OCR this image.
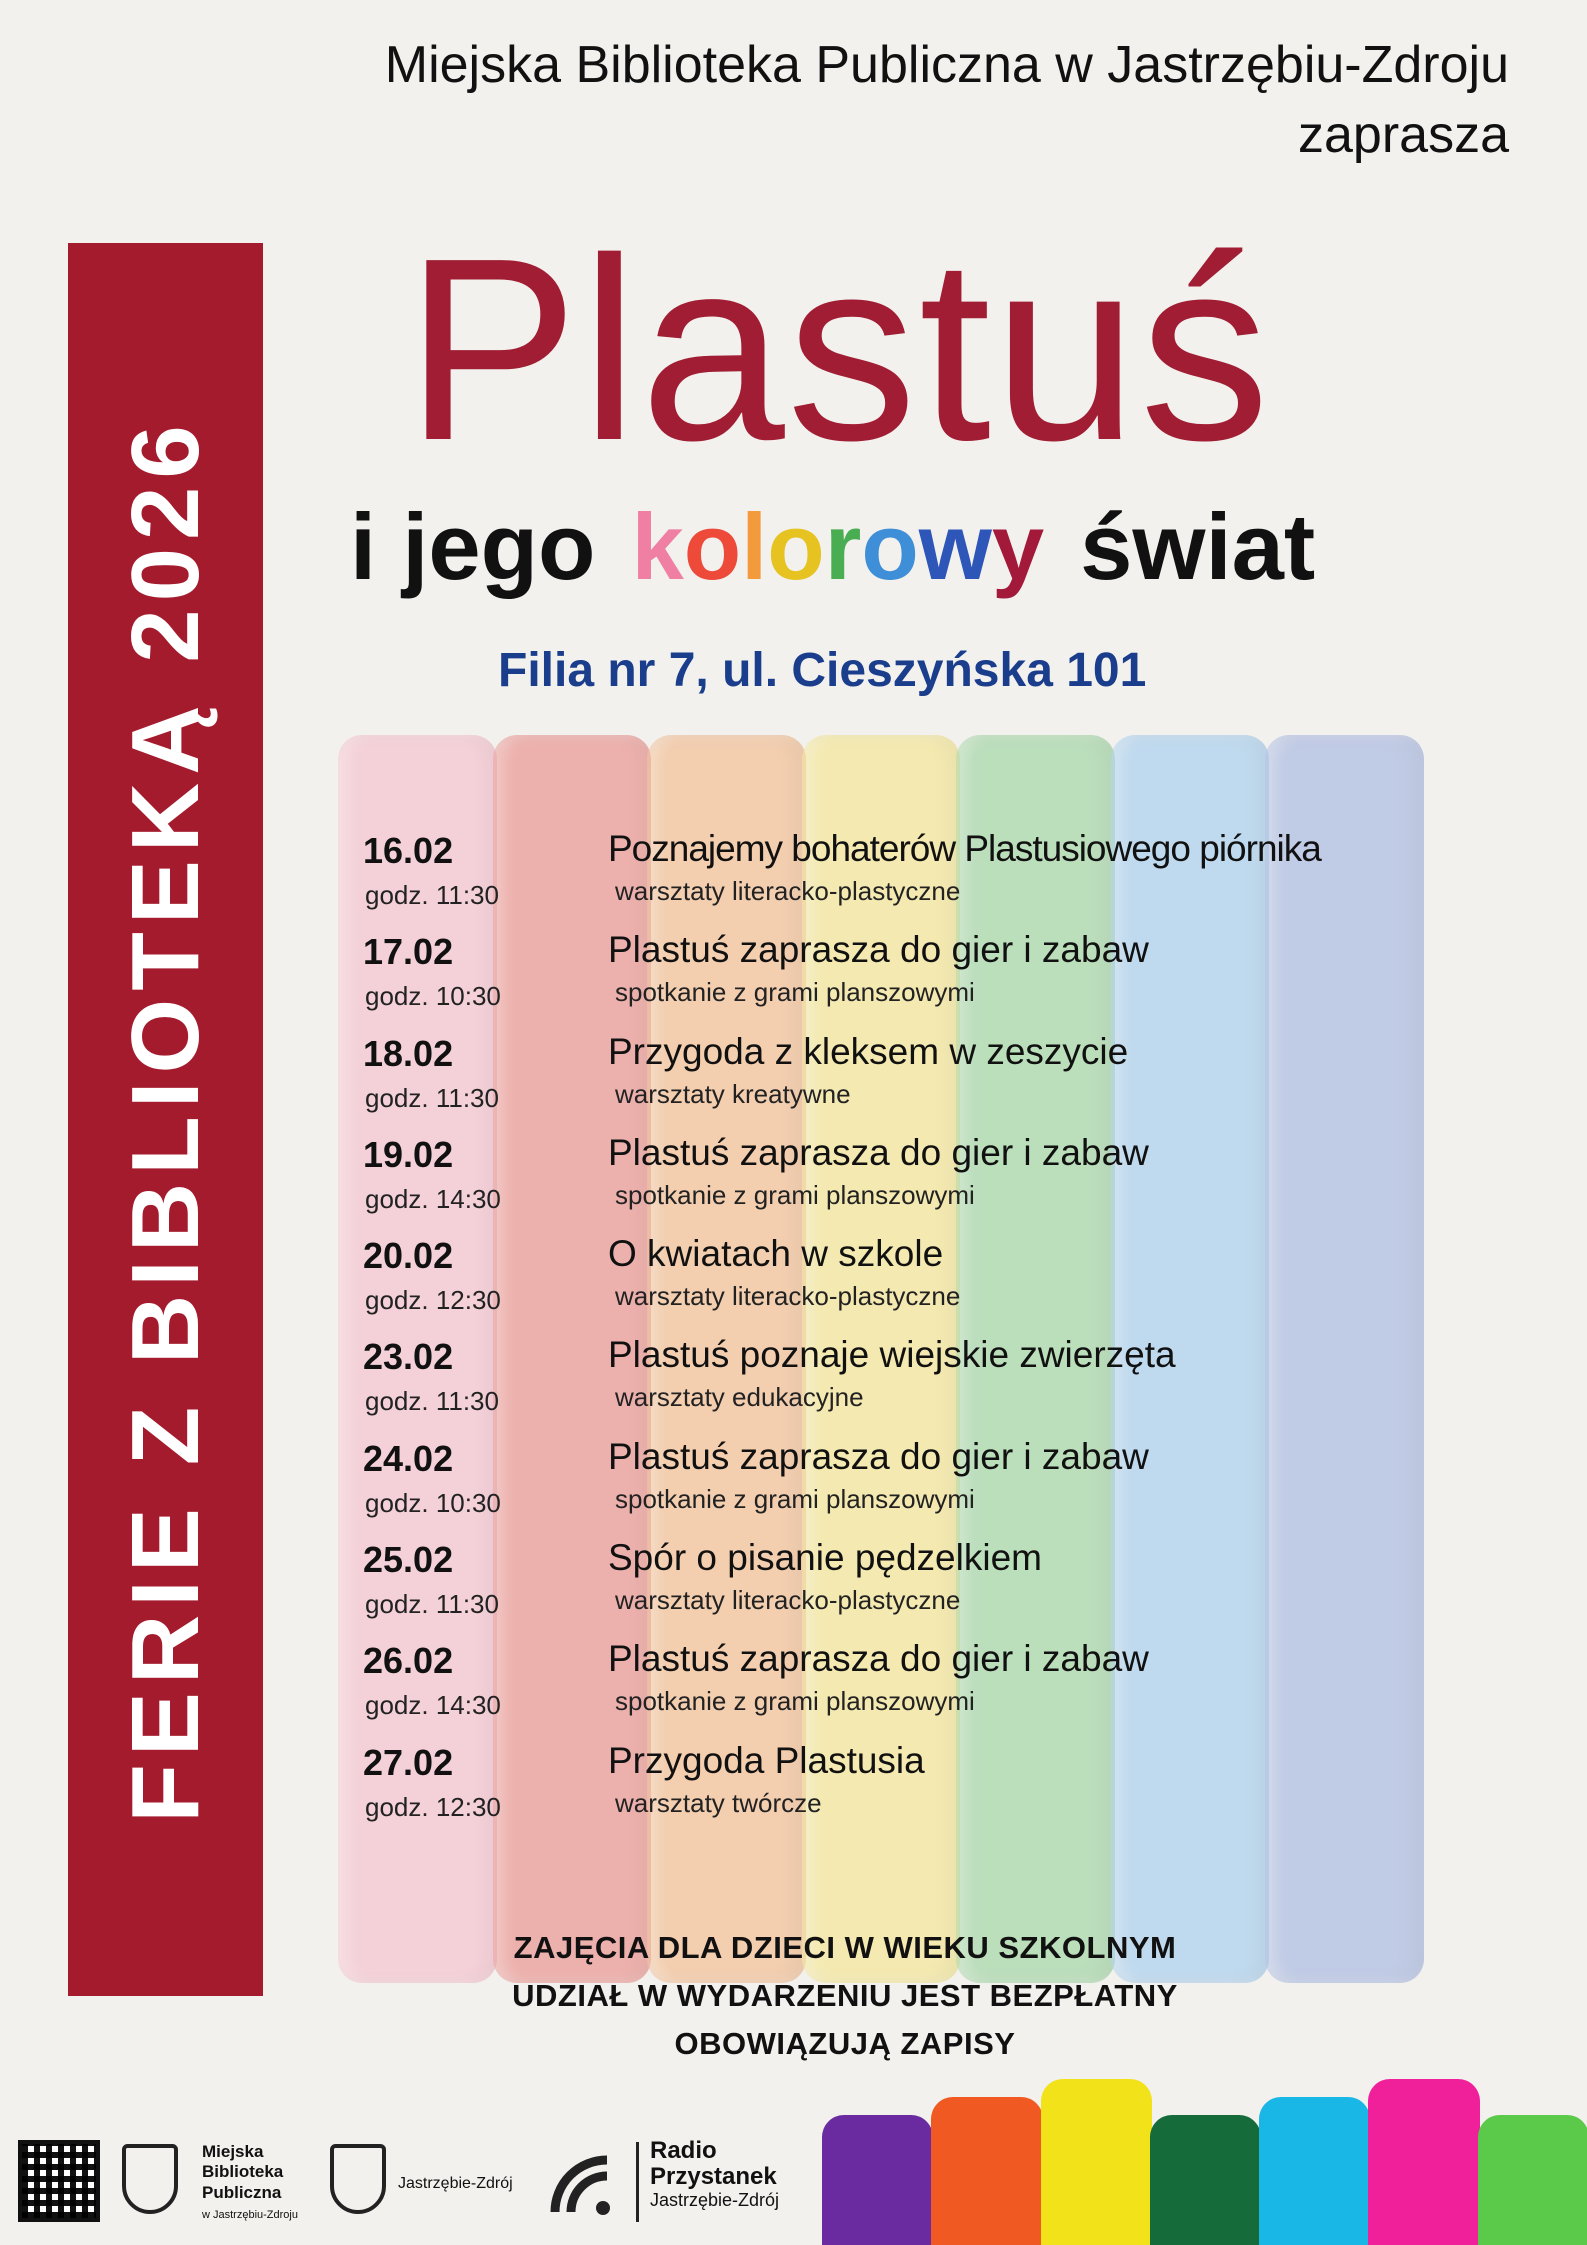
Miejska Biblioteka Publiczna w Jastrzębiu-Zdroju
zaprasza
FERIE Z BIBLIOTEKĄ 2026
Plastuś
i jego kolorowy świat
Filia nr 7, ul. Cieszyńska 101
16.02
godz. 11:30
Poznajemy bohaterów Plastusiowego piórnika
warsztaty literacko-plastyczne
17.02
godz. 10:30
Plastuś zaprasza do gier i zabaw
spotkanie z grami planszowymi
18.02
godz. 11:30
Przygoda z kleksem w zeszycie
warsztaty kreatywne
19.02
godz. 14:30
Plastuś zaprasza do gier i zabaw
spotkanie z grami planszowymi
20.02
godz. 12:30
O kwiatach w szkole
warsztaty literacko-plastyczne
23.02
godz. 11:30
Plastuś poznaje wiejskie zwierzęta
warsztaty edukacyjne
24.02
godz. 10:30
Plastuś zaprasza do gier i zabaw
spotkanie z grami planszowymi
25.02
godz. 11:30
Spór o pisanie pędzelkiem
warsztaty literacko-plastyczne
26.02
godz. 14:30
Plastuś zaprasza do gier i zabaw
spotkanie z grami planszowymi
27.02
godz. 12:30
Przygoda Plastusia
warsztaty twórcze
ZAJĘCIA DLA DZIECI W WIEKU SZKOLNYM
UDZIAŁ W WYDARZENIU JEST BEZPŁATNY
OBOWIĄZUJĄ ZAPISY
Miejska
Biblioteka
Publiczna
w Jastrzębiu-Zdroju
Jastrzębie-Zdrój
Radio
Przystanek
Jastrzębie-Zdrój
